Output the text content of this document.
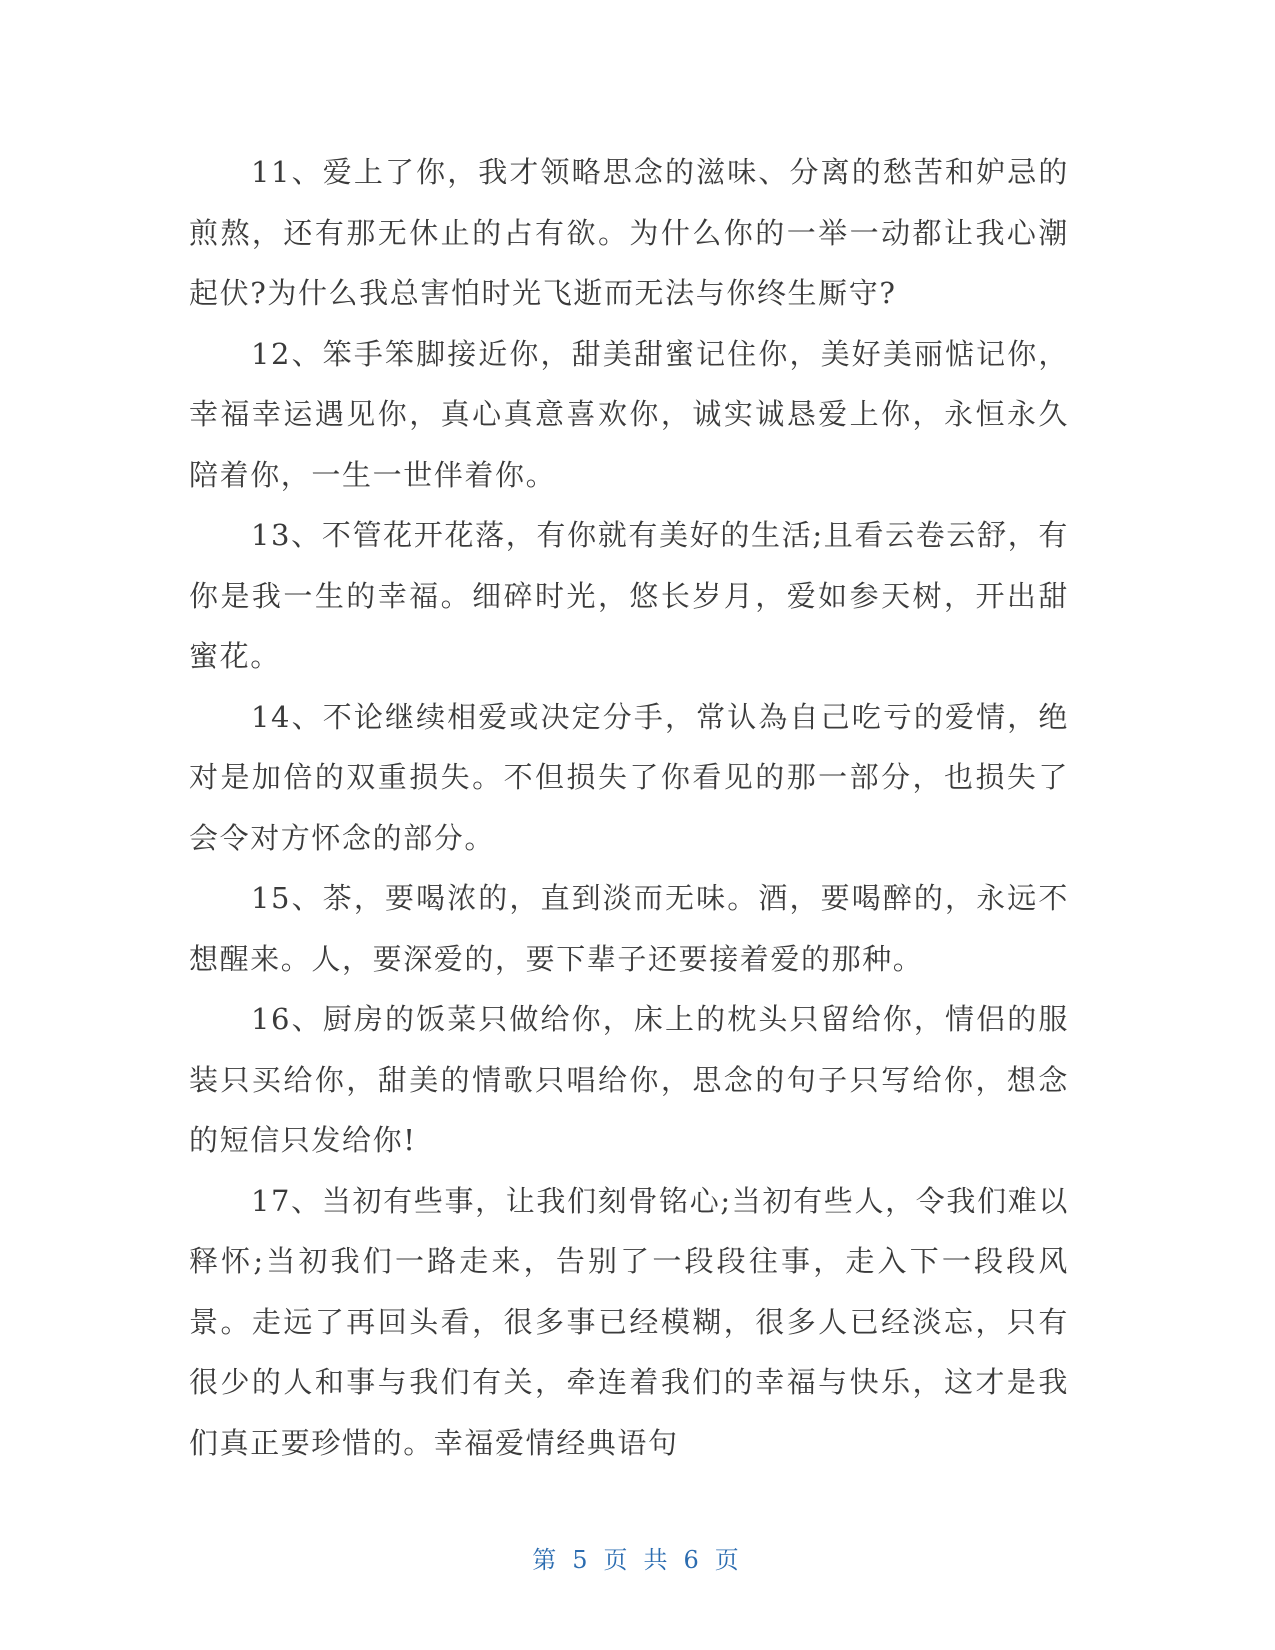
11、爱上了你，我才领略思念的滋味、分离的愁苦和妒忌的煎熬，还有那无休止的占有欲。为什么你的一举一动都让我心潮起伏?为什么我总害怕时光飞逝而无法与你终生厮守?

12、笨手笨脚接近你，甜美甜蜜记住你，美好美丽惦记你，幸福幸运遇见你，真心真意喜欢你，诚实诚恳爱上你，永恒永久陪着你，一生一世伴着你。

13、不管花开花落，有你就有美好的生活;且看云卷云舒，有你是我一生的幸福。细碎时光，悠长岁月，爱如参天树，开出甜蜜花。

14、不论继续相爱或决定分手，常认為自己吃亏的爱情，绝对是加倍的双重损失。不但损失了你看见的那一部分，也损失了会令对方怀念的部分。

15、茶，要喝浓的，直到淡而无味。酒，要喝醉的，永远不想醒来。人，要深爱的，要下辈子还要接着爱的那种。

16、厨房的饭菜只做给你，床上的枕头只留给你，情侣的服装只买给你，甜美的情歌只唱给你，思念的句子只写给你，想念的短信只发给你!

17、当初有些事，让我们刻骨铭心;当初有些人，令我们难以释怀;当初我们一路走来，告别了一段段往事，走入下一段段风景。走远了再回头看，很多事已经模糊，很多人已经淡忘，只有很少的人和事与我们有关，牵连着我们的幸福与快乐，这才是我们真正要珍惜的。幸福爱情经典语句

第 5 页 共 6 页
